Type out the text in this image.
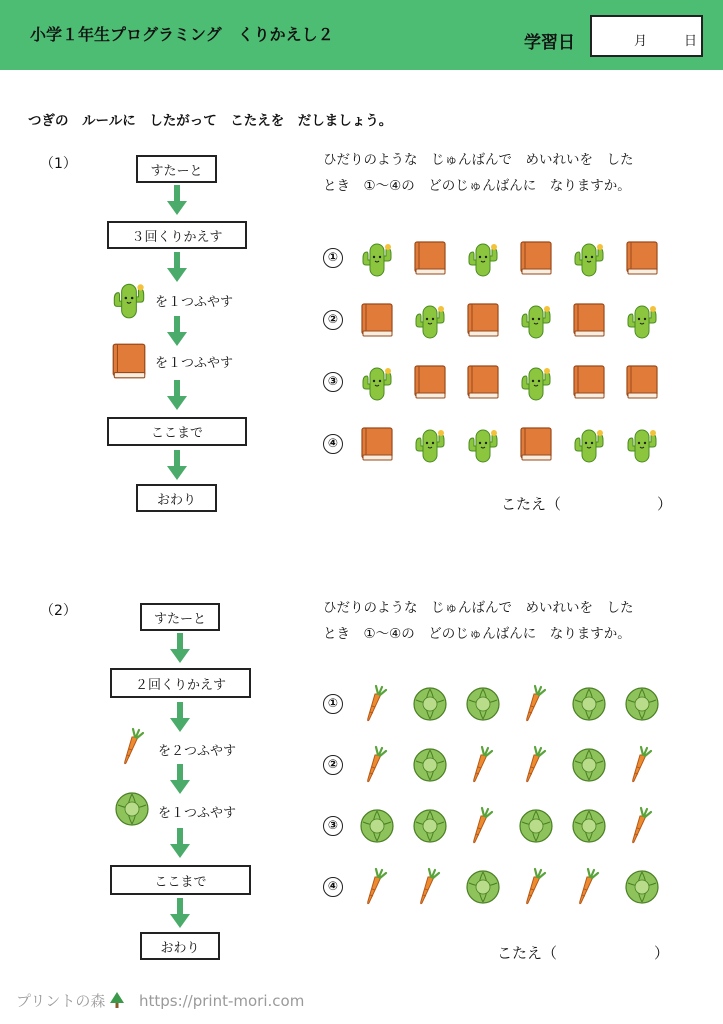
小学１年生プログラミング　くりかえし２	学習日	月	日
つぎの　ルールに　したがって　こたえを　だしましょう。
（1）	すたーと
３回くりかえす
を１つふやす
を１つふやす
ここまで
おわり
ひだりのような　じゅんばんで　めいれいを　した
とき　①〜④の　どのじゅんばんに　なりますか。
①
②
③
④
こたえ（	）
（2）	すたーと
２回くりかえす
を２つふやす
を１つふやす
ここまで
おわり
ひだりのような　じゅんばんで　めいれいを　した
とき　①〜④の　どのじゅんばんに　なりますか。
①
②
③
④
こたえ（	）
プリントの森 https://print-mori.com
